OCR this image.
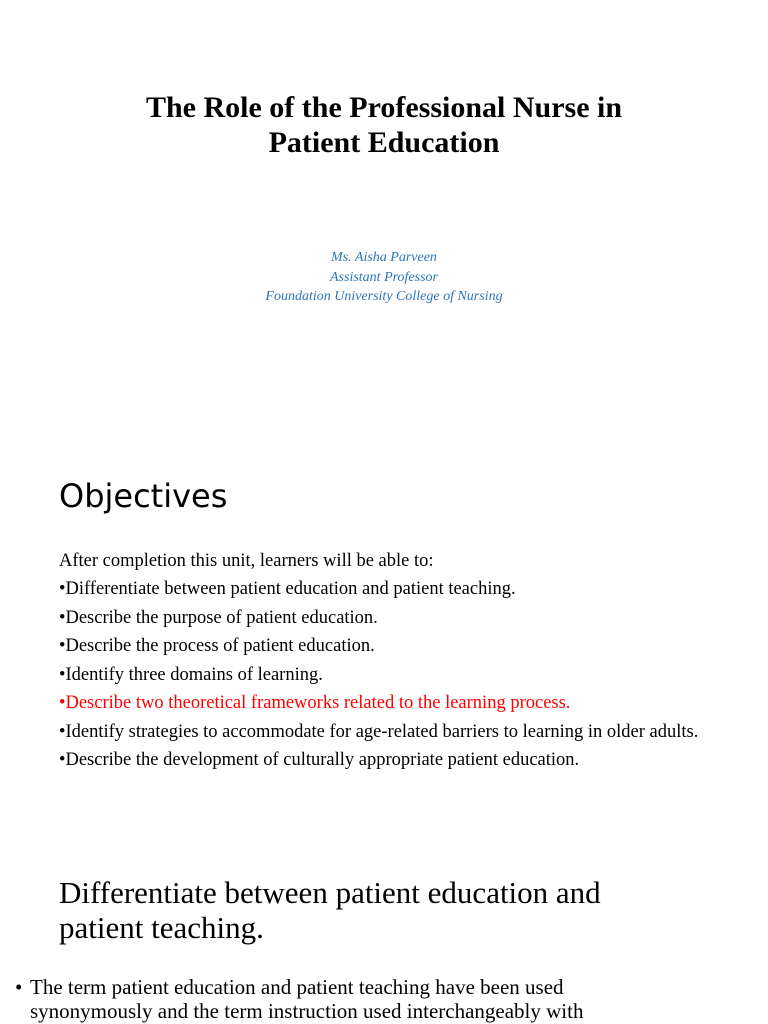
The Role of the Professional Nurse in
Patient Education
Ms. Aisha Parveen
Assistant Professor
Foundation University College of Nursing
Objectives
After completion this unit, learners will be able to:
•Differentiate between patient education and patient teaching.
•Describe the purpose of patient education.
•Describe the process of patient education.
•Identify three domains of learning.
•Describe two theoretical frameworks related to the learning process.
•Identify strategies to accommodate for age-related barriers to learning in older adults.
•Describe the development of culturally appropriate patient education.
Differentiate between patient education and
patient teaching.
• The term patient education and patient teaching have been used
synonymously and the term instruction used interchangeably with
